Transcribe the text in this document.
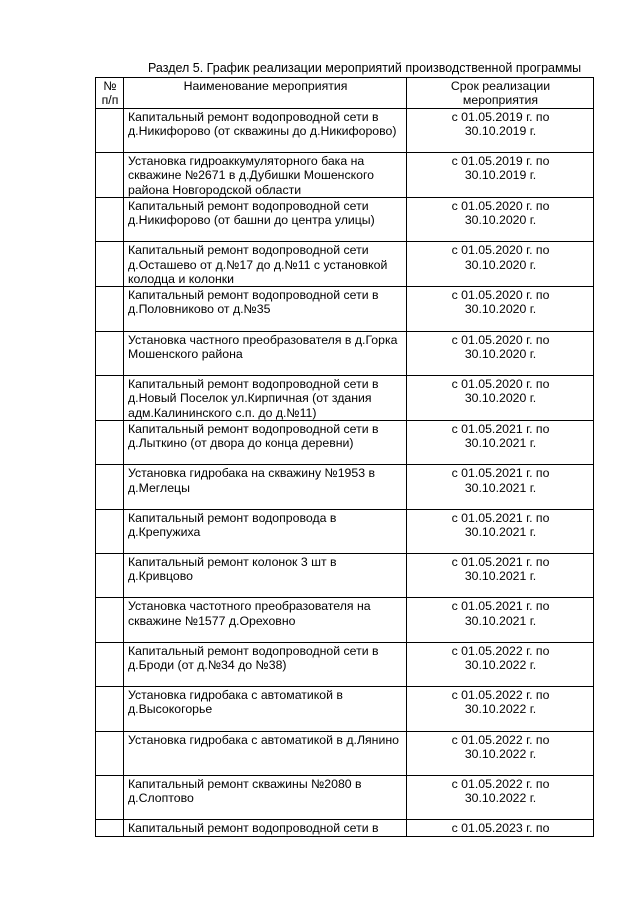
Раздел 5. График реализации мероприятий производственной программы
№
п/п	Наименование мероприятия	Срок реализации
мероприятия
	Капитальный ремонт водопроводной сети в д.Никифорово (от скважины до д.Никифорово)	с 01.05.2019 г. по
30.10.2019 г.
	Установка гидроаккумуляторного бака на скважине №2671 в д.Дубишки Мошенского района Новгородской области	с 01.05.2019 г. по
30.10.2019 г.
	Капитальный ремонт водопроводной сети д.Никифорово (от башни до центра улицы)	с 01.05.2020 г. по
30.10.2020 г.
	Капитальный ремонт водопроводной сети д.Осташево от д.№17 до д.№11 с установкой колодца и колонки	с 01.05.2020 г. по
30.10.2020 г.
	Капитальный ремонт водопроводной сети в д.Половниково от д.№35	с 01.05.2020 г. по
30.10.2020 г.
	Установка частного преобразователя в д.Горка Мошенского района	с 01.05.2020 г. по
30.10.2020 г.
	Капитальный ремонт водопроводной сети в д.Новый Поселок ул.Кирпичная (от здания адм.Калининского с.п. до д.№11)	с 01.05.2020 г. по
30.10.2020 г.
	Капитальный ремонт водопроводной сети в д.Лыткино (от двора до конца деревни)	с 01.05.2021 г. по
30.10.2021 г.
	Установка гидробака на скважину №1953 в д.Меглецы	с 01.05.2021 г. по
30.10.2021 г.
	Капитальный ремонт водопровода в д.Крепужиха	с 01.05.2021 г. по
30.10.2021 г.
	Капитальный ремонт колонок 3 шт в д.Кривцово	с 01.05.2021 г. по
30.10.2021 г.
	Установка частотного преобразователя на скважине №1577 д.Ореховно	с 01.05.2021 г. по
30.10.2021 г.
	Капитальный ремонт водопроводной сети в д.Броди (от д.№34 до №38)	с 01.05.2022 г. по
30.10.2022 г.
	Установка гидробака с автоматикой в д.Высокогорье	с 01.05.2022 г. по
30.10.2022 г.
	Установка гидробака с автоматикой в д.Лянино	с 01.05.2022 г. по
30.10.2022 г.
	Капитальный ремонт скважины №2080 в д.Слоптово	с 01.05.2022 г. по
30.10.2022 г.
	Капитальный ремонт водопроводной сети в	с 01.05.2023 г. по
